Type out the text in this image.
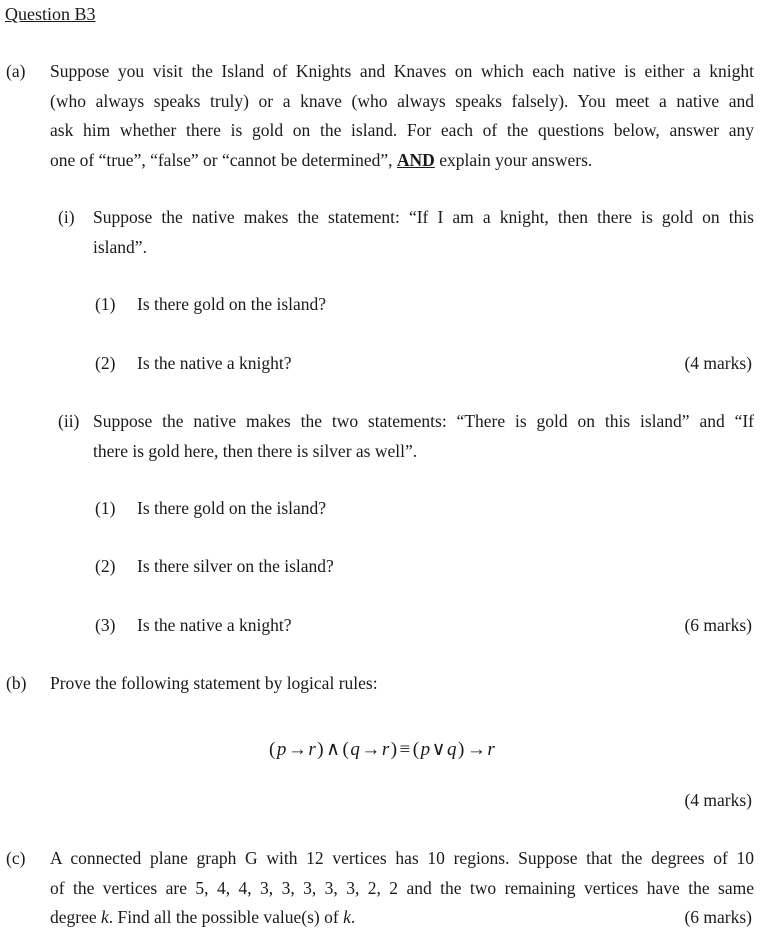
Question B3
(a) Suppose you visit the Island of Knights and Knaves on which each native is either a knight
(who always speaks truly) or a knave (who always speaks falsely). You meet a native and
ask him whether there is gold on the island. For each of the questions below, answer any
one of “true”, “false” or “cannot be determined”, AND explain your answers.
(i) Suppose the native makes the statement: “If I am a knight, then there is gold on this
island”.
(1) Is there gold on the island?
(2) Is the native a knight?	(4 marks)
(ii) Suppose the native makes the two statements: “There is gold on this island” and “If
there is gold here, then there is silver as well”.
(1) Is there gold on the island?
(2) Is there silver on the island?
(3) Is the native a knight?	(6 marks)
(b) Prove the following statement by logical rules:
(p→r) ∧ (q→r) ≡ (p∨q) →r
(4 marks)
(c) A connected plane graph G with 12 vertices has 10 regions. Suppose that the degrees of 10
of the vertices are 5, 4, 4, 3, 3, 3, 3, 3, 2, 2 and the two remaining vertices have the same
degree k. Find all the possible value(s) of k.	(6 marks)
